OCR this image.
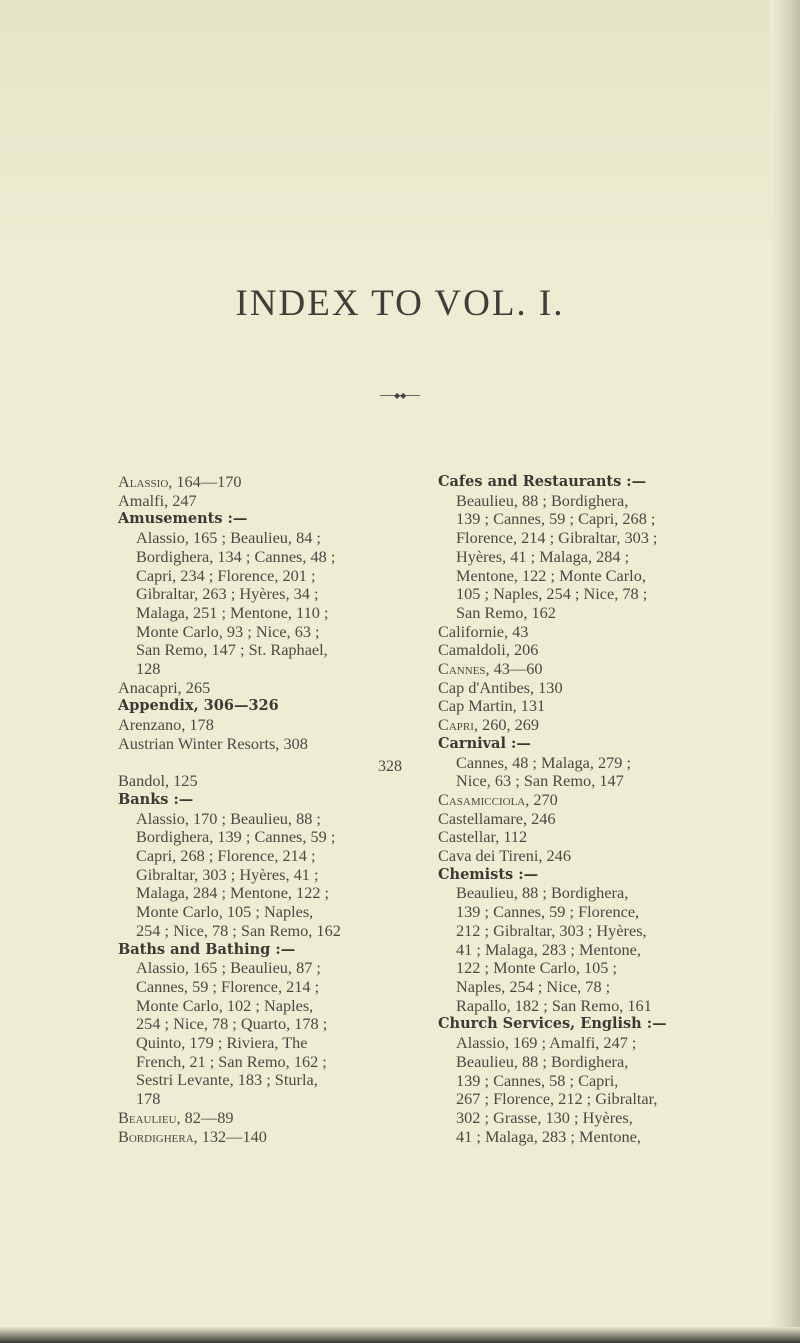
INDEX TO VOL. I.
◆◆
Alassio, 164—170
Amalfi, 247
Amusements :—
Alassio, 165 ; Beaulieu, 84 ;
Bordighera, 134 ; Cannes, 48 ;
Capri, 234 ; Florence, 201 ;
Gibraltar, 263 ; Hyères, 34 ;
Malaga, 251 ; Mentone, 110 ;
Monte Carlo, 93 ; Nice, 63 ;
San Remo, 147 ; St. Raphael,
128
Anacapri, 265
Appendix, 306—326
Arenzano, 178
Austrian Winter Resorts, 308
Bandol, 125
Banks :—
Alassio, 170 ; Beaulieu, 88 ;
Bordighera, 139 ; Cannes, 59 ;
Capri, 268 ; Florence, 214 ;
Gibraltar, 303 ; Hyères, 41 ;
Malaga, 284 ; Mentone, 122 ;
Monte Carlo, 105 ; Naples,
254 ; Nice, 78 ; San Remo, 162
Baths and Bathing :—
Alassio, 165 ; Beaulieu, 87 ;
Cannes, 59 ; Florence, 214 ;
Monte Carlo, 102 ; Naples,
254 ; Nice, 78 ; Quarto, 178 ;
Quinto, 179 ; Riviera, The
French, 21 ; San Remo, 162 ;
Sestri Levante, 183 ; Sturla,
178
Beaulieu, 82—89
Bordighera, 132—140
Cafes and Restaurants :—
Beaulieu, 88 ; Bordighera,
139 ; Cannes, 59 ; Capri, 268 ;
Florence, 214 ; Gibraltar, 303 ;
Hyères, 41 ; Malaga, 284 ;
Mentone, 122 ; Monte Carlo,
105 ; Naples, 254 ; Nice, 78 ;
San Remo, 162
Californie, 43
Camaldoli, 206
Cannes, 43—60
Cap d'Antibes, 130
Cap Martin, 131
Capri, 260, 269
Carnival :—
Cannes, 48 ; Malaga, 279 ;
Nice, 63 ; San Remo, 147
Casamicciola, 270
Castellamare, 246
Castellar, 112
Cava dei Tireni, 246
Chemists :—
Beaulieu, 88 ; Bordighera,
139 ; Cannes, 59 ; Florence,
212 ; Gibraltar, 303 ; Hyères,
41 ; Malaga, 283 ; Mentone,
122 ; Monte Carlo, 105 ;
Naples, 254 ; Nice, 78 ;
Rapallo, 182 ; San Remo, 161
Church Services, English :—
Alassio, 169 ; Amalfi, 247 ;
Beaulieu, 88 ; Bordighera,
139 ; Cannes, 58 ; Capri,
267 ; Florence, 212 ; Gibraltar,
302 ; Grasse, 130 ; Hyères,
41 ; Malaga, 283 ; Mentone,
328
